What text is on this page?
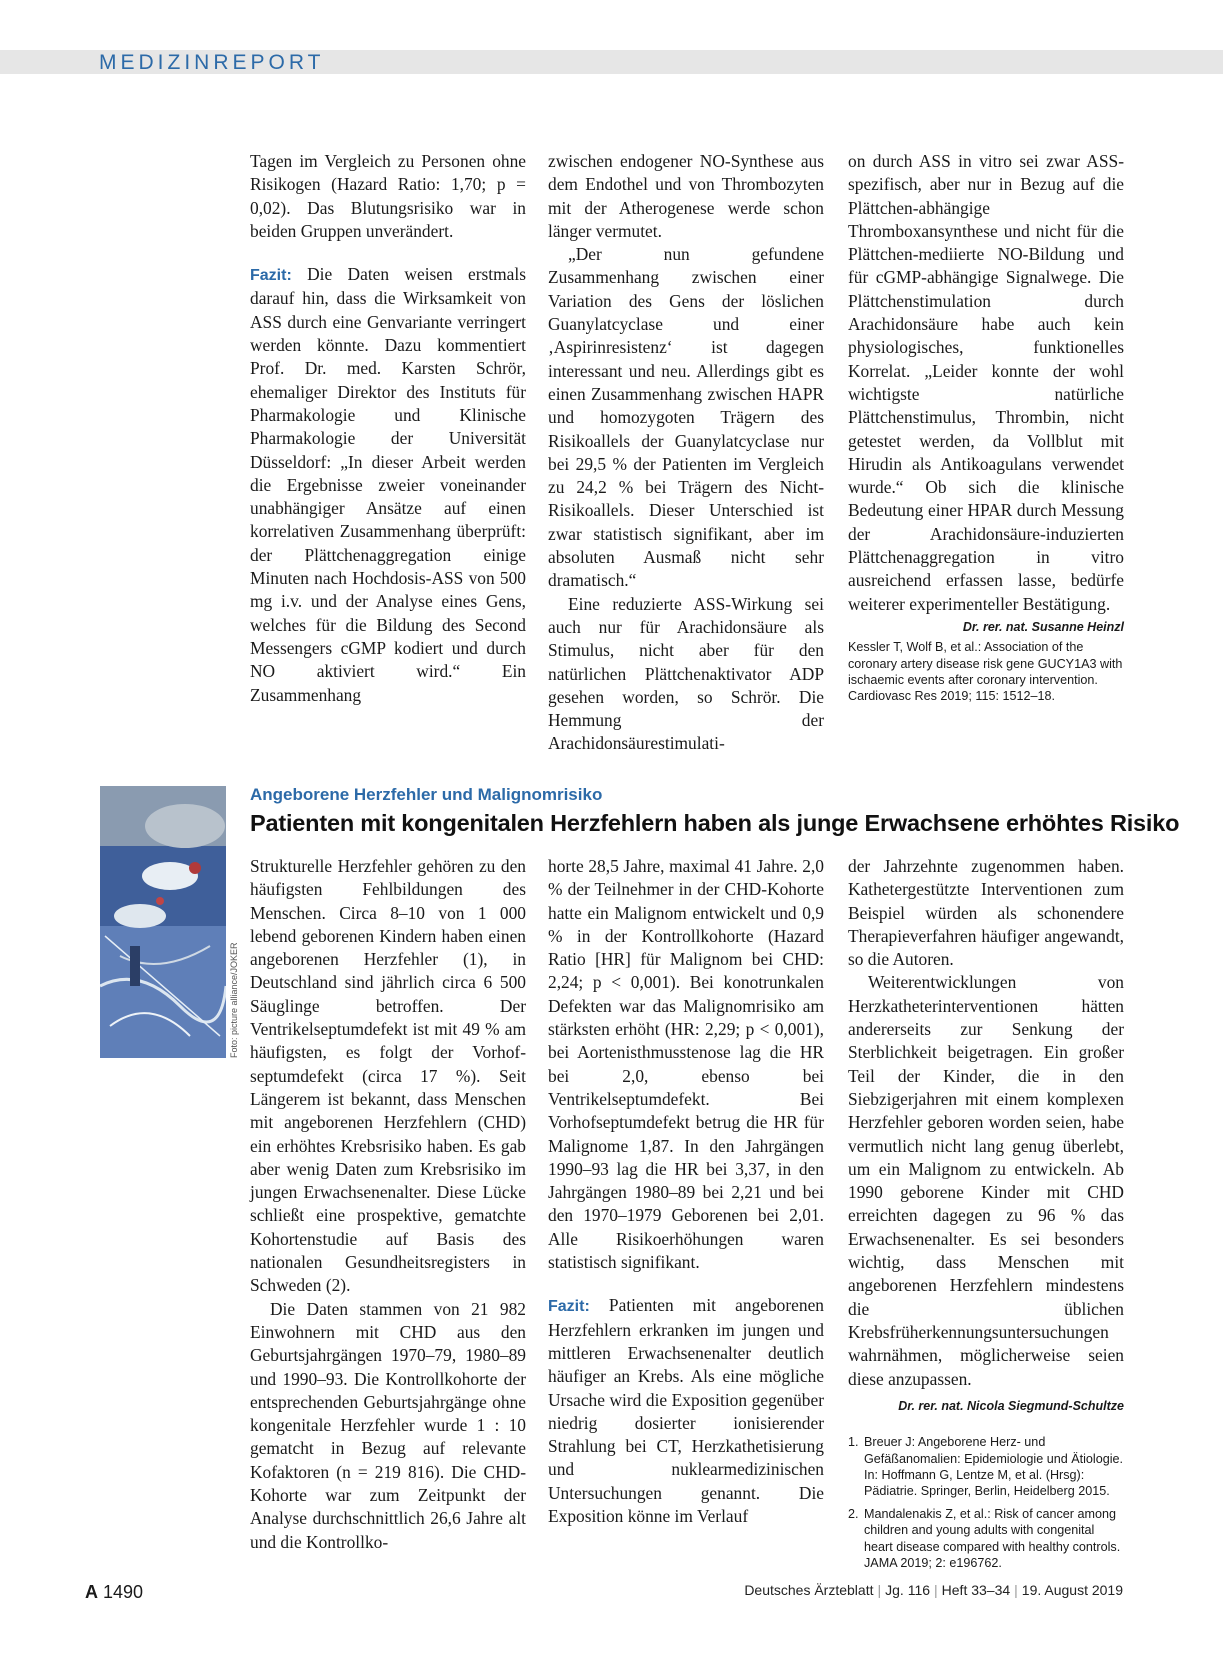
MEDIZINREPORT

Tagen im Vergleich zu Personen ohne Risikogen (Hazard Ratio: 1,70; p = 0,02). Das Blutungsrisiko war in beiden Gruppen unverändert.

Fazit: Die Daten weisen erstmals darauf hin, dass die Wirksamkeit von ASS durch eine Genvariante verringert werden könnte. Dazu kommentiert Prof. Dr. med. Karsten Schrör, ehemaliger Direktor des Instituts für Pharmakologie und Klinische Pharmakologie der Universität Düsseldorf: „In dieser Arbeit werden die Ergebnisse zweier voneinander unabhängiger Ansätze auf einen korrelativen Zusammenhang überprüft: der Plättchenaggregation einige Minuten nach Hochdosis-ASS von 500 mg i.v. und der Analyse eines Gens, welches für die Bildung des Second Messengers cGMP kodiert und durch NO aktiviert wird.“ Ein Zusammenhang

zwischen endogener NO-Synthese aus dem Endothel und von Thrombozyten mit der Atherogenese werde schon länger vermutet.

„Der nun gefundene Zusammenhang zwischen einer Variation des Gens der löslichen Guanylatcyclase und einer ‚Aspirinresistenz‘ ist dagegen interessant und neu. Allerdings gibt es einen Zusammenhang zwischen HAPR und homozygoten Trägern des Risikoallels der Guanylatcyclase nur bei 29,5 % der Patienten im Vergleich zu 24,2 % bei Trägern des Nicht-Risikoallels. Dieser Unterschied ist zwar statistisch signifikant, aber im absoluten Ausmaß nicht sehr dramatisch.“

Eine reduzierte ASS-Wirkung sei auch nur für Arachidonsäure als Stimulus, nicht aber für den natürlichen Plättchenaktivator ADP gesehen worden, so Schrör. Die Hemmung der Arachidonsäurestimulati-

on durch ASS in vitro sei zwar ASS-spezifisch, aber nur in Bezug auf die Plättchen-abhängige Thromboxansynthese und nicht für die Plättchen-mediierte NO-Bildung und für cGMP-abhängige Signalwege. Die Plättchenstimulation durch Arachidonsäure habe auch kein physiologisches, funktionelles Korrelat. „Leider konnte der wohl wichtigste natürliche Plättchenstimulus, Thrombin, nicht getestet werden, da Vollblut mit Hirudin als Antikoagulans verwendet wurde.“ Ob sich die klinische Bedeutung einer HPAR durch Messung der Arachidonsäure-induzierten Plättchenaggregation in vitro ausreichend erfassen lasse, bedürfe weiterer experimenteller Bestätigung.
Dr. rer. nat. Susanne Heinzl

Kessler T, Wolf B, et al.: Association of the coronary artery disease risk gene GUCY1A3 with ischaemic events after coronary intervention. Cardiovasc Res 2019; 115: 1512–18.

Foto: picture alliance/JOKER
Angeborene Herzfehler und Malignomrisiko
Patienten mit kongenitalen Herzfehlern haben als junge Erwachsene erhöhtes Risiko

Strukturelle Herzfehler gehören zu den häufigsten Fehlbildungen des Menschen. Circa 8–10 von 1 000 lebend geborenen Kindern haben einen angeborenen Herzfehler (1), in Deutschland sind jährlich circa 6 500 Säuglinge betroffen. Der Ventrikelseptumdefekt ist mit 49 % am häufigsten, es folgt der Vorhof-septumdefekt (circa 17 %). Seit Längerem ist bekannt, dass Menschen mit angeborenen Herzfehlern (CHD) ein erhöhtes Krebsrisiko haben. Es gab aber wenig Daten zum Krebsrisiko im jungen Erwachsenenalter. Diese Lücke schließt eine prospektive, gematchte Kohortenstudie auf Basis des nationalen Gesundheitsregisters in Schweden (2).

Die Daten stammen von 21 982 Einwohnern mit CHD aus den Geburtsjahrgängen 1970–79, 1980–89 und 1990–93. Die Kontrollkohorte der entsprechenden Geburtsjahrgänge ohne kongenitale Herzfehler wurde 1 : 10 gematcht in Bezug auf relevante Kofaktoren (n = 219 816). Die CHD-Kohorte war zum Zeitpunkt der Analyse durchschnittlich 26,6 Jahre alt und die Kontrollko-

horte 28,5 Jahre, maximal 41 Jahre. 2,0 % der Teilnehmer in der CHD-Kohorte hatte ein Malignom entwickelt und 0,9 % in der Kontrollkohorte (Hazard Ratio [HR] für Malignom bei CHD: 2,24; p < 0,001). Bei konotrunkalen Defekten war das Malignomrisiko am stärksten erhöht (HR: 2,29; p < 0,001), bei Aortenisthmusstenose lag die HR bei 2,0, ebenso bei Ventrikelseptumdefekt. Bei Vorhofseptumdefekt betrug die HR für Malignome 1,87. In den Jahrgängen 1990–93 lag die HR bei 3,37, in den Jahrgängen 1980–89 bei 2,21 und bei den 1970–1979 Geborenen bei 2,01. Alle Risikoerhöhungen waren statistisch signifikant.

Fazit: Patienten mit angeborenen Herzfehlern erkranken im jungen und mittleren Erwachsenenalter deutlich häufiger an Krebs. Als eine mögliche Ursache wird die Exposition gegenüber niedrig dosierter ionisierender Strahlung bei CT, Herzkathetisierung und nuklearmedizinischen Untersuchungen genannt. Die Exposition könne im Verlauf

der Jahrzehnte zugenommen haben. Kathetergestützte Interventionen zum Beispiel würden als schonendere Therapieverfahren häufiger angewandt, so die Autoren.

Weiterentwicklungen von Herzkatheterinterventionen hätten andererseits zur Senkung der Sterblichkeit beigetragen. Ein großer Teil der Kinder, die in den Siebzigerjahren mit einem komplexen Herzfehler geboren worden seien, habe vermutlich nicht lang genug überlebt, um ein Malignom zu entwickeln. Ab 1990 geborene Kinder mit CHD erreichten dagegen zu 96 % das Erwachsenenalter. Es sei besonders wichtig, dass Menschen mit angeborenen Herzfehlern mindestens die üblichen Krebsfrüherkennungsuntersuchungen wahrnähmen, möglicherweise seien diese anzupassen.

Dr. rer. nat. Nicola Siegmund-Schultze
1. Breuer J: Angeborene Herz- und Gefäßanomalien: Epidemiologie und Ätiologie. In: Hoffmann G, Lentze M, et al. (Hrsg): Pädiatrie. Springer, Berlin, Heidelberg 2015.
2. Mandalenakis Z, et al.: Risk of cancer among children and young adults with congenital heart disease compared with healthy controls. JAMA 2019; 2: e196762.
A 1490	Deutsches Ärzteblatt | Jg. 116 | Heft 33–34 | 19. August 2019
